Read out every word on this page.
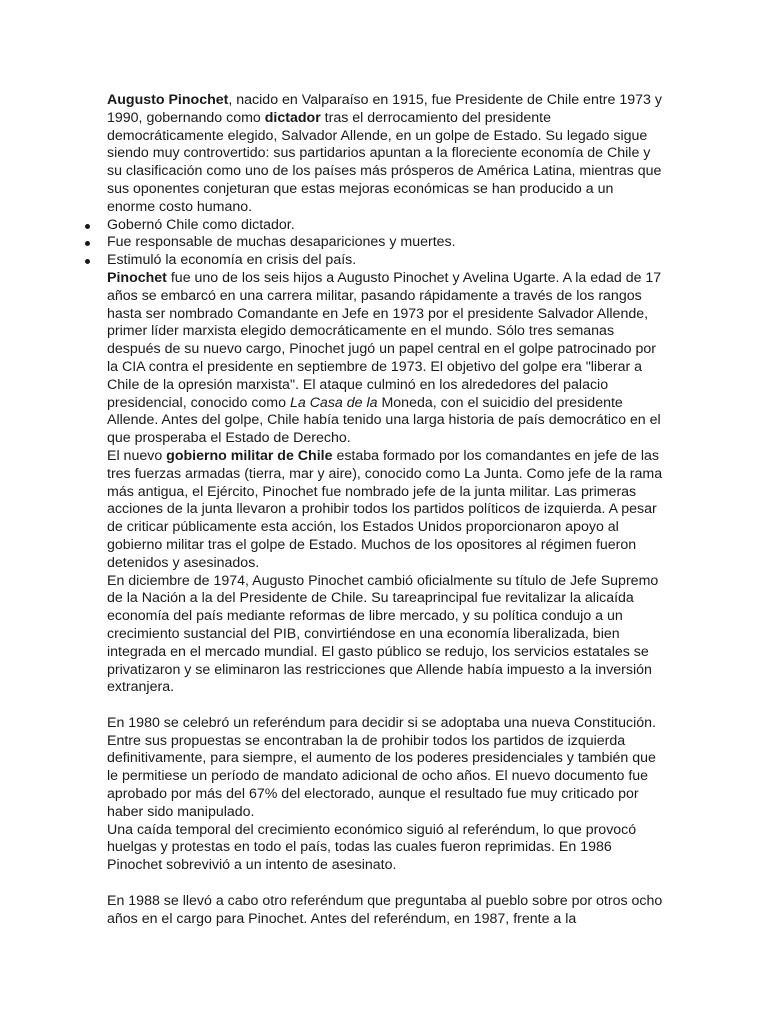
Augusto Pinochet, nacido en Valparaíso en 1915, fue Presidente de Chile entre 1973 y 1990, gobernando como dictador tras el derrocamiento del presidente democráticamente elegido, Salvador Allende, en un golpe de Estado. Su legado sigue siendo muy controvertido: sus partidarios apuntan a la floreciente economía de Chile y su clasificación como uno de los países más prósperos de América Latina, mientras que sus oponentes conjeturan que estas mejoras económicas se han producido a un enorme costo humano.

Gobernó Chile como dictador.
Fue responsable de muchas desapariciones y muertes.
Estimuló la economía en crisis del país.

Pinochet fue uno de los seis hijos a Augusto Pinochet y Avelina Ugarte. A la edad de 17 años se embarcó en una carrera militar, pasando rápidamente a través de los rangos hasta ser nombrado Comandante en Jefe en 1973 por el presidente Salvador Allende, primer líder marxista elegido democráticamente en el mundo. Sólo tres semanas después de su nuevo cargo, Pinochet jugó un papel central en el golpe patrocinado por la CIA contra el presidente en septiembre de 1973. El objetivo del golpe era "liberar a Chile de la opresión marxista". El ataque culminó en los alrededores del palacio presidencial, conocido como La Casa de la Moneda, con el suicidio del presidente Allende. Antes del golpe, Chile había tenido una larga historia de país democrático en el que prosperaba el Estado de Derecho.

El nuevo gobierno militar de Chile estaba formado por los comandantes en jefe de las tres fuerzas armadas (tierra, mar y aire), conocido como La Junta. Como jefe de la rama más antigua, el Ejército, Pinochet fue nombrado jefe de la junta militar. Las primeras acciones de la junta llevaron a prohibir todos los partidos políticos de izquierda. A pesar de criticar públicamente esta acción, los Estados Unidos proporcionaron apoyo al gobierno militar tras el golpe de Estado. Muchos de los opositores al régimen fueron detenidos y asesinados.

En diciembre de 1974, Augusto Pinochet cambió oficialmente su título de Jefe Supremo de la Nación a la del Presidente de Chile. Su tareaprincipal fue revitalizar la alicaída economía del país mediante reformas de libre mercado, y su política condujo a un crecimiento sustancial del PIB, convirtiéndose en una economía liberalizada, bien integrada en el mercado mundial. El gasto público se redujo, los servicios estatales se privatizaron y se eliminaron las restricciones que Allende había impuesto a la inversión extranjera.

En 1980 se celebró un referéndum para decidir si se adoptaba una nueva Constitución. Entre sus propuestas se encontraban la de prohibir todos los partidos de izquierda definitivamente, para siempre, el aumento de los poderes presidenciales y también que le permitiese un período de mandato adicional de ocho años. El nuevo documento fue aprobado por más del 67% del electorado, aunque el resultado fue muy criticado por haber sido manipulado.

Una caída temporal del crecimiento económico siguió al referéndum, lo que provocó huelgas y protestas en todo el país, todas las cuales fueron reprimidas. En 1986 Pinochet sobrevivió a un intento de asesinato.

En 1988 se llevó a cabo otro referéndum que preguntaba al pueblo sobre por otros ocho años en el cargo para Pinochet. Antes del referéndum, en 1987, frente a la
